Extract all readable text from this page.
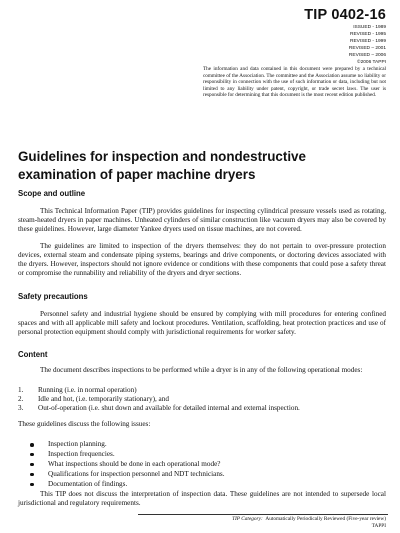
TIP 0402-16
ISSUED - 1989
REVISED - 1995
REVISED - 1999
REVISED – 2001
REVISED – 2006
©2006 TAPPI
The information and data contained in this document were prepared by a technical committee of the Association. The committee and the Association assume no liability or responsibility in connection with the use of such information or data, including but not limited to any liability under patent, copyright, or trade secret laws. The user is responsible for determining that this document is the most recent edition published.
Guidelines for inspection and nondestructive examination of paper machine dryers
Scope and outline
This Technical Information Paper (TIP) provides guidelines for inspecting cylindrical pressure vessels used as rotating, steam-heated dryers in paper machines. Unheated cylinders of similar construction like vacuum dryers may also be covered by these guidelines. However, large diameter Yankee dryers used on tissue machines, are not covered.
The guidelines are limited to inspection of the dryers themselves: they do not pertain to over-pressure protection devices, external steam and condensate piping systems, bearings and drive components, or doctoring devices associated with the dryers. However, inspectors should not ignore evidence or conditions with these components that could pose a safety threat or compromise the runnability and reliability of the dryers and dryer sections.
Safety precautions
Personnel safety and industrial hygiene should be ensured by complying with mill procedures for entering confined spaces and with all applicable mill safety and lockout procedures. Ventilation, scaffolding, heat protection practices and use of personal protection equipment should comply with jurisdictional requirements for worker safety.
Content
The document describes inspections to be performed while a dryer is in any of the following operational modes:
1. Running (i.e. in normal operation)
2. Idle and hot, (i.e. temporarily stationary), and
3. Out-of-operation (i.e. shut down and available for detailed internal and external inspection.
These guidelines discuss the following issues:
Inspection planning.
Inspection frequencies.
What inspections should be done in each operational mode?
Qualifications for inspection personnel and NDT technicians.
Documentation of findings.
This TIP does not discuss the interpretation of inspection data. These guidelines are not intended to supersede local jurisdictional and regulatory requirements.
TIP Category: Automatically Periodically Reviewed (Five-year review)
TAPPI
